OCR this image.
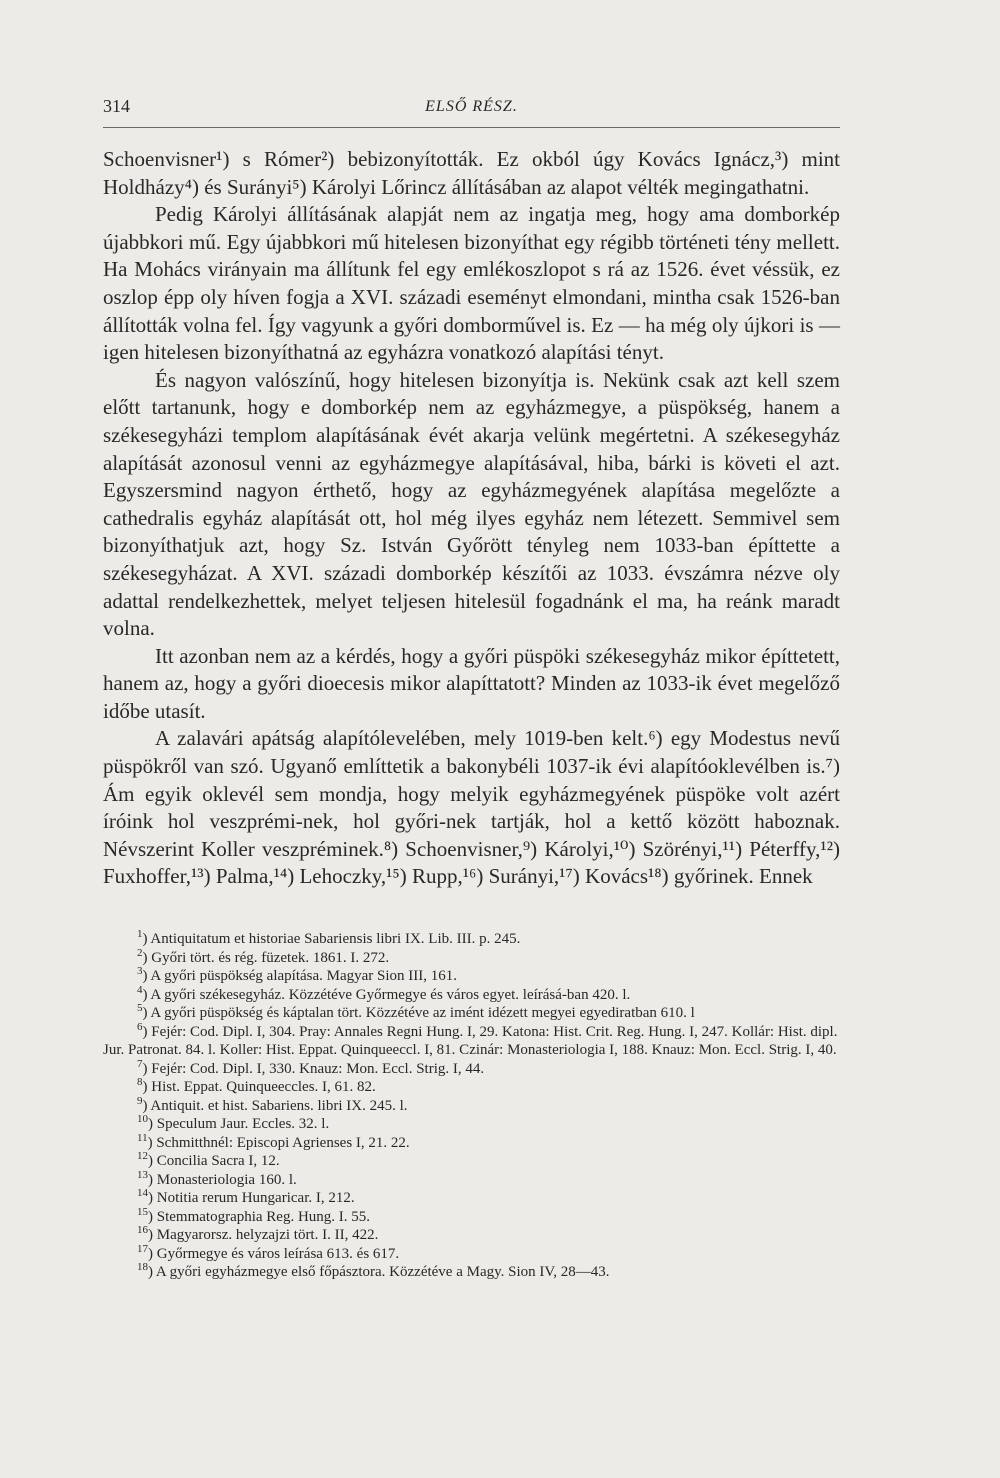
314	ELSŐ RÉSZ.

Schoenvisner¹) s Rómer²) bebizonyították. Ez okból úgy Kovács Ignácz,³) mint Holdházy⁴) és Surányi⁵) Károlyi Lőrincz állításában az alapot vélték megingathatni.

Pedig Károlyi állításának alapját nem az ingatja meg, hogy ama domborkép újabbkori mű. Egy újabbkori mű hitelesen bizonyíthat egy régibb történeti tény mellett. Ha Mohács virányain ma állítunk fel egy emlékoszlopot s rá az 1526. évet véssük, ez oszlop épp oly híven fogja a XVI. századi eseményt elmondani, mintha csak 1526-ban állították volna fel. Így vagyunk a győri domborművel is. Ez — ha még oly újkori is — igen hitelesen bizonyíthatná az egyházra vonatkozó alapítási tényt.

És nagyon valószínű, hogy hitelesen bizonyítja is. Nekünk csak azt kell szem előtt tartanunk, hogy e domborkép nem az egyházmegye, a püspökség, hanem a székesegyházi templom alapításának évét akarja velünk megértetni. A székesegyház alapítását azonosul venni az egyházmegye alapításával, hiba, bárki is követi el azt. Egyszersmind nagyon érthető, hogy az egyházmegyének alapítása megelőzte a cathedralis egyház alapítását ott, hol még ilyes egyház nem létezett. Semmivel sem bizonyíthatjuk azt, hogy Sz. István Győrött tényleg nem 1033-ban építtette a székesegyházat. A XVI. századi domborkép készítői az 1033. évszámra nézve oly adattal rendelkezhettek, melyet teljesen hitelesül fogadnánk el ma, ha reánk maradt volna.

Itt azonban nem az a kérdés, hogy a győri püspöki székesegyház mikor építtetett, hanem az, hogy a győri dioecesis mikor alapíttatott? Minden az 1033-ik évet megelőző időbe utasít.

A zalavári apátság alapítólevelében, mely 1019-ben kelt.⁶) egy Modestus nevű püspökről van szó. Ugyanő említtetik a bakonybéli 1037-ik évi alapítóoklevélben is.⁷) Ám egyik oklevél sem mondja, hogy melyik egyházmegyének püspöke volt azért íróink hol veszprémi-nek, hol győri-nek tartják, hol a kettő között haboznak. Névszerint Koller veszpréminek.⁸) Schoenvisner,⁹) Károlyi,¹⁰) Szörényi,¹¹) Péterffy,¹²) Fuxhoffer,¹³) Palma,¹⁴) Lehoczky,¹⁵) Rupp,¹⁶) Surányi,¹⁷) Kovács¹⁸) győrinek. Ennek

$^1$) Antiquitatum et historiae Sabariensis libri IX. Lib. III. p. 245.
$^2$) Győri tört. és rég. füzetek. 1861. I. 272.
$^3$) A győri püspökség alapítása. Magyar Sion III, 161.
$^4$) A győri székesegyház. Közzétéve Győrmegye és város egyet. leírásá-ban 420. l.
$^5$) A győri püspökség és káptalan tört. Közzétéve az imént idézett megyei egyediratban 610. l
$^6$) Fejér: Cod. Dipl. I, 304. Pray: Annales Regni Hung. I, 29. Katona: Hist. Crit. Reg. Hung. I, 247. Kollár: Hist. dipl. Jur. Patronat. 84. l. Koller: Hist. Eppat. Quinqueeccl. I, 81. Czinár: Monasteriologia I, 188. Knauz: Mon. Eccl. Strig. I, 40.
$^7$) Fejér: Cod. Dipl. I, 330. Knauz: Mon. Eccl. Strig. I, 44.
$^8$) Hist. Eppat. Quinqueeccles. I, 61. 82.
$^9$) Antiquit. et hist. Sabariens. libri IX. 245. l.
$^{10}$) Speculum Jaur. Eccles. 32. l.
$^{11}$) Schmitthnél: Episcopi Agrienses I, 21. 22.
$^{12}$) Concilia Sacra I, 12.
$^{13}$) Monasteriologia 160. l.
$^{14}$) Notitia rerum Hungaricar. I, 212.
$^{15}$) Stemmatographia Reg. Hung. I. 55.
$^{16}$) Magyarorsz. helyzajzi tört. I. II, 422.
$^{17}$) Győrmegye és város leírása 613. és 617.
$^{18}$) A győri egyházmegye első főpásztora. Közzétéve a Magy. Sion IV, 28—43.
